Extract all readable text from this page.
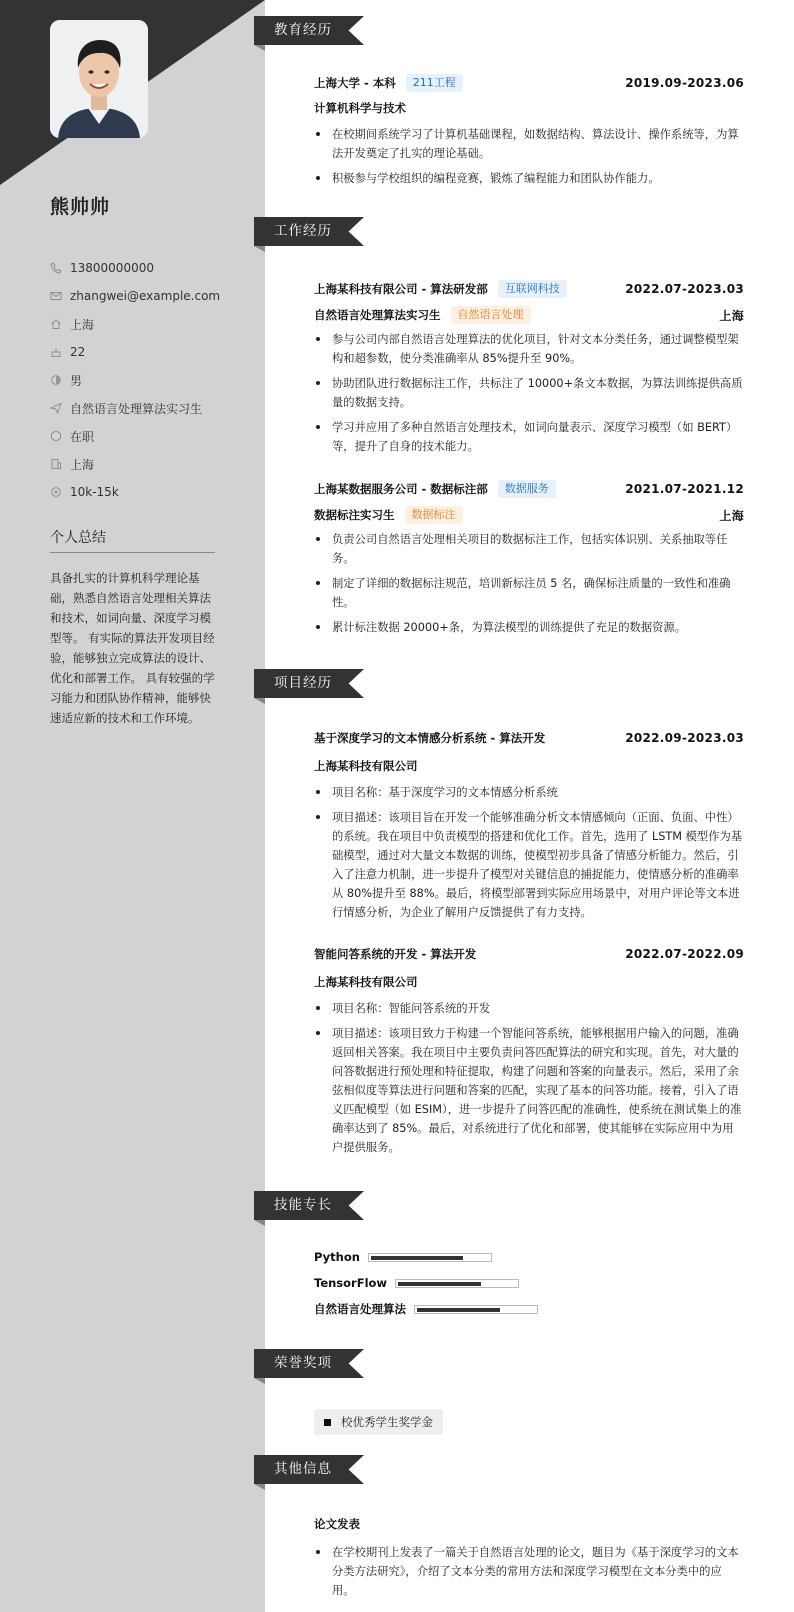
熊帅帅
13800000000
zhangwei@example.com
上海
22
男
自然语言处理算法实习生
在职
上海
10k-15k
个人总结
具备扎实的计算机科学理论基础，熟悉自然语言处理相关算法和技术，如词向量、深度学习模型等。 有实际的算法开发项目经验，能够独立完成算法的设计、优化和部署工作。 具有较强的学习能力和团队协作精神，能够快速适应新的技术和工作环境。
教育经历
上海大学 - 本科	211工程	2019.09-2023.06
计算机科学与技术
在校期间系统学习了计算机基础课程，如数据结构、算法设计、操作系统等，为算法开发奠定了扎实的理论基础。
积极参与学校组织的编程竞赛，锻炼了编程能力和团队协作能力。
工作经历
上海某科技有限公司 - 算法研发部	互联网科技	2022.07-2023.03
自然语言处理算法实习生	自然语言处理	上海
参与公司内部自然语言处理算法的优化项目，针对文本分类任务，通过调整模型架构和超参数，使分类准确率从 85%提升至 90%。
协助团队进行数据标注工作，共标注了 10000+条文本数据，为算法训练提供高质量的数据支持。
学习并应用了多种自然语言处理技术，如词向量表示、深度学习模型（如 BERT）等，提升了自身的技术能力。
上海某数据服务公司 - 数据标注部	数据服务	2021.07-2021.12
数据标注实习生	数据标注	上海
负责公司自然语言处理相关项目的数据标注工作，包括实体识别、关系抽取等任务。
制定了详细的数据标注规范，培训新标注员 5 名，确保标注质量的一致性和准确性。
累计标注数据 20000+条，为算法模型的训练提供了充足的数据资源。
项目经历
基于深度学习的文本情感分析系统 - 算法开发	2022.09-2023.03
上海某科技有限公司
项目名称：基于深度学习的文本情感分析系统
项目描述：该项目旨在开发一个能够准确分析文本情感倾向（正面、负面、中性）的系统。我在项目中负责模型的搭建和优化工作。首先，选用了 LSTM 模型作为基础模型，通过对大量文本数据的训练，使模型初步具备了情感分析能力。然后，引入了注意力机制，进一步提升了模型对关键信息的捕捉能力，使情感分析的准确率从 80%提升至 88%。最后，将模型部署到实际应用场景中，对用户评论等文本进行情感分析，为企业了解用户反馈提供了有力支持。
智能问答系统的开发 - 算法开发	2022.07-2022.09
上海某科技有限公司
项目名称：智能问答系统的开发
项目描述：该项目致力于构建一个智能问答系统，能够根据用户输入的问题，准确返回相关答案。我在项目中主要负责问答匹配算法的研究和实现。首先，对大量的问答数据进行预处理和特征提取，构建了问题和答案的向量表示。然后，采用了余弦相似度等算法进行问题和答案的匹配，实现了基本的问答功能。接着，引入了语义匹配模型（如 ESIM），进一步提升了问答匹配的准确性，使系统在测试集上的准确率达到了 85%。最后，对系统进行了优化和部署，使其能够在实际应用中为用户提供服务。
技能专长
Python
TensorFlow
自然语言处理算法
荣誉奖项
校优秀学生奖学金
其他信息
论文发表
在学校期刊上发表了一篇关于自然语言处理的论文，题目为《基于深度学习的文本分类方法研究》，介绍了文本分类的常用方法和深度学习模型在文本分类中的应用。
